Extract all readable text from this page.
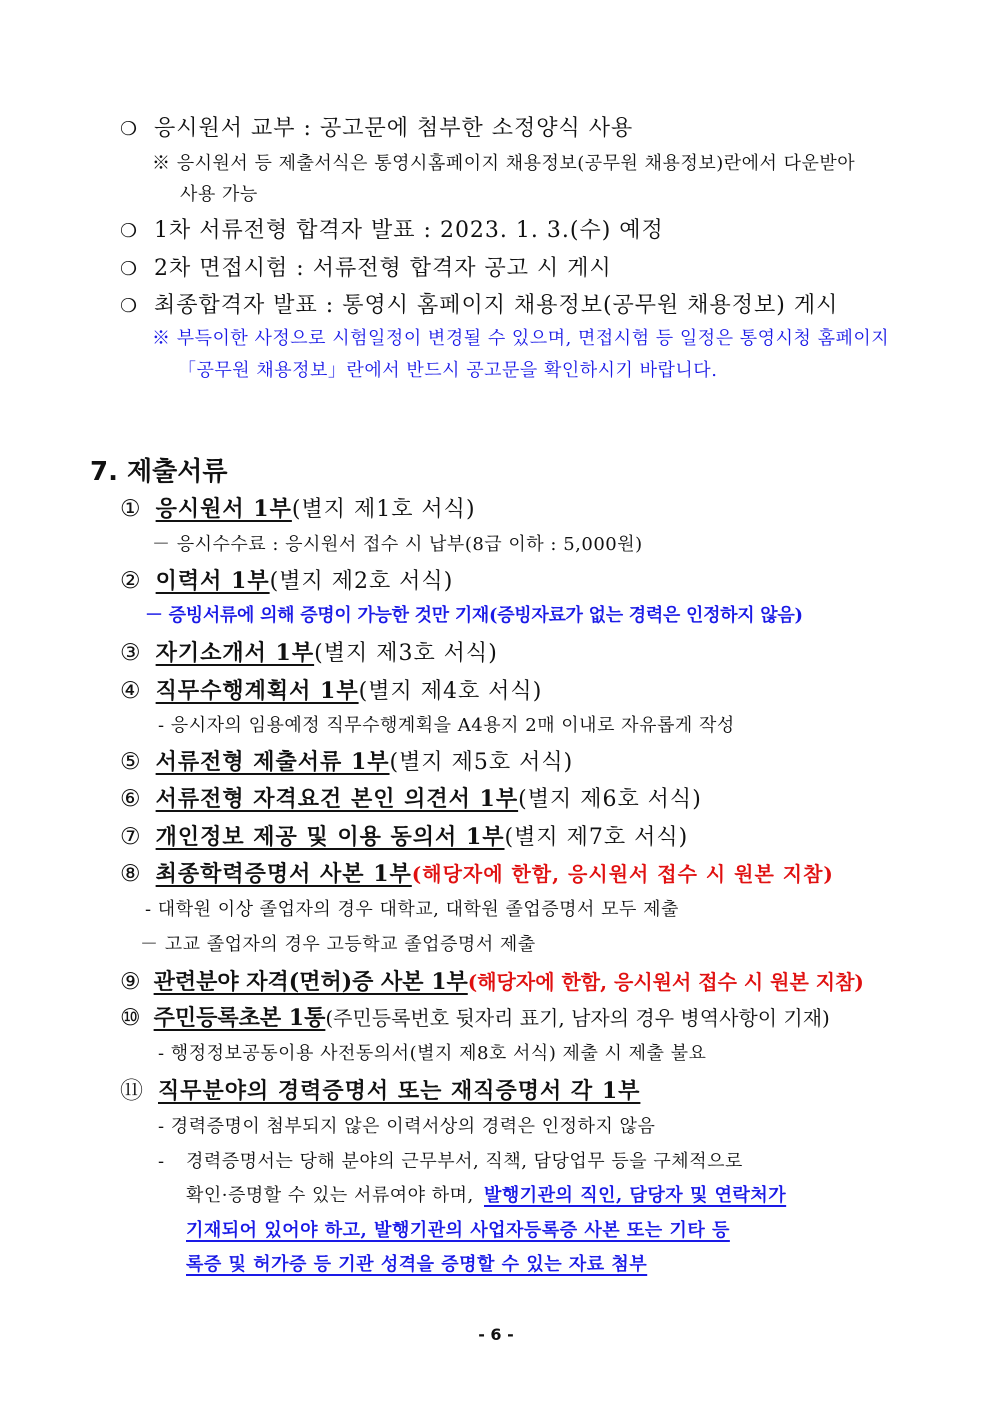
❍ 응시원서 교부 : 공고문에 첨부한 소정양식 사용
※ 응시원서 등 제출서식은 통영시홈페이지 채용정보(공무원 채용정보)란에서 다운받아
사용 가능
❍ 1차 서류전형 합격자 발표 : 2023. 1. 3.(수) 예정
❍ 2차 면접시험 : 서류전형 합격자 공고 시 게시
❍ 최종합격자 발표 : 통영시 홈페이지 채용정보(공무원 채용정보) 게시
※ 부득이한 사정으로 시험일정이 변경될 수 있으며, 면접시험 등 일정은 통영시청 홈페이지
「공무원 채용정보」란에서 반드시 공고문을 확인하시기 바랍니다.
7. 제출서류
① 응시원서 1부(별지 제1호 서식)
－ 응시수수료 : 응시원서 접수 시 납부(8급 이하 : 5,000원)
② 이력서 1부(별지 제2호 서식)
－ 증빙서류에 의해 증명이 가능한 것만 기재(증빙자료가 없는 경력은 인정하지 않음)
③ 자기소개서 1부(별지 제3호 서식)
④ 직무수행계획서 1부(별지 제4호 서식)
- 응시자의 임용예정 직무수행계획을 A4용지 2매 이내로 자유롭게 작성
⑤ 서류전형 제출서류 1부(별지 제5호 서식)
⑥ 서류전형 자격요건 본인 의견서 1부(별지 제6호 서식)
⑦ 개인정보 제공 및 이용 동의서 1부(별지 제7호 서식)
⑧ 최종학력증명서 사본 1부(해당자에 한함, 응시원서 접수 시 원본 지참)
- 대학원 이상 졸업자의 경우 대학교, 대학원 졸업증명서 모두 제출
－ 고교 졸업자의 경우 고등학교 졸업증명서 제출
⑨ 관련분야 자격(면허)증 사본 1부(해당자에 한함, 응시원서 접수 시 원본 지참)
⑩ 주민등록초본 1통(주민등록번호 뒷자리 표기, 남자의 경우 병역사항이 기재)
- 행정정보공동이용 사전동의서(별지 제8호 서식) 제출 시 제출 불요
⑪ 직무분야의 경력증명서 또는 재직증명서 각 1부
- 경력증명이 첨부되지 않은 이력서상의 경력은 인정하지 않음
- 경력증명서는 당해 분야의 근무부서, 직책, 담당업무 등을 구체적으로
확인·증명할 수 있는 서류여야 하며, 발행기관의 직인, 담당자 및 연락처가
기재되어 있어야 하고, 발행기관의 사업자등록증 사본 또는 기타 등
록증 및 허가증 등 기관 성격을 증명할 수 있는 자료 첨부
- 6 -
